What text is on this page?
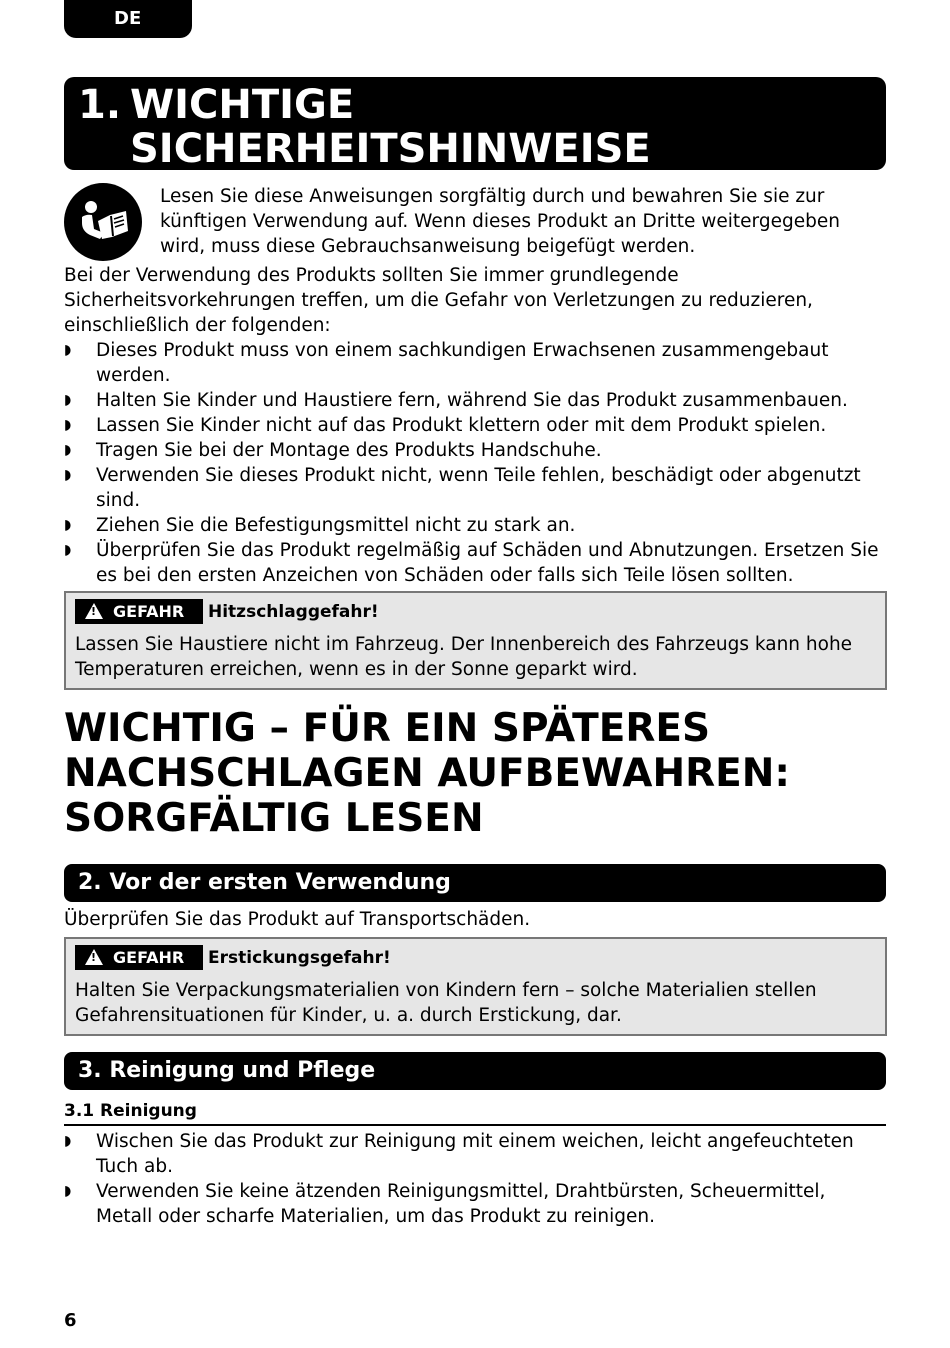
DE
1. WICHTIGE
SICHERHEITSHINWEISE

Lesen Sie diese Anweisungen sorgfältig durch und bewahren Sie sie zur künftigen Verwendung auf. Wenn dieses Produkt an Dritte weitergegeben wird, muss diese Gebrauchsanweisung beigefügt werden.

Bei der Verwendung des Produkts sollten Sie immer grundlegende Sicherheitsvorkehrungen treffen, um die Gefahr von Verletzungen zu reduzieren, einschließlich der folgenden:

◗ Dieses Produkt muss von einem sachkundigen Erwachsenen zusammengebaut werden.
◗ Halten Sie Kinder und Haustiere fern, während Sie das Produkt zusammenbauen.
◗ Lassen Sie Kinder nicht auf das Produkt klettern oder mit dem Produkt spielen.
◗ Tragen Sie bei der Montage des Produkts Handschuhe.
◗ Verwenden Sie dieses Produkt nicht, wenn Teile fehlen, beschädigt oder abgenutzt sind.
◗ Ziehen Sie die Befestigungsmittel nicht zu stark an.
◗ Überprüfen Sie das Produkt regelmäßig auf Schäden und Abnutzungen. Ersetzen Sie es bei den ersten Anzeichen von Schäden oder falls sich Teile lösen sollten.
!GEFAHR	Hitzschlaggefahr!
Lassen Sie Haustiere nicht im Fahrzeug. Der Innenbereich des Fahrzeugs kann hohe Temperaturen erreichen, wenn es in der Sonne geparkt wird.
WICHTIG – FÜR EIN SPÄTERES NACHSCHLAGEN AUFBEWAHREN: SORGFÄLTIG LESEN
2. Vor der ersten Verwendung

Überprüfen Sie das Produkt auf Transportschäden.

!GEFAHR	Erstickungsgefahr!
Halten Sie Verpackungsmaterialien von Kindern fern – solche Materialien stellen Gefahrensituationen für Kinder, u. a. durch Erstickung, dar.
3. Reinigung und Pflege
3.1 Reinigung
◗ Wischen Sie das Produkt zur Reinigung mit einem weichen, leicht angefeuchteten Tuch ab.
◗ Verwenden Sie keine ätzenden Reinigungsmittel, Drahtbürsten, Scheuermittel, Metall oder scharfe Materialien, um das Produkt zu reinigen.
6
